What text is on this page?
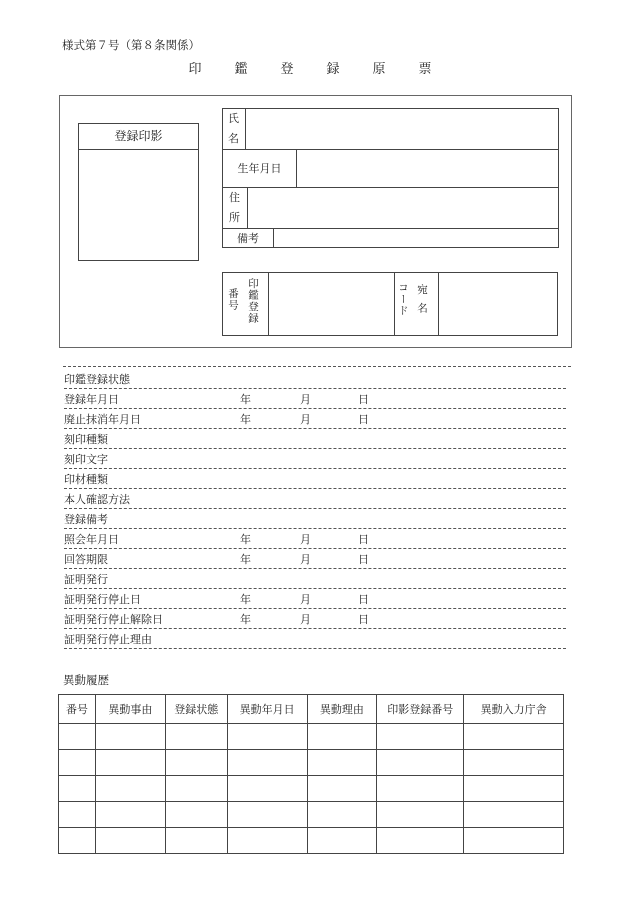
様式第７号（第８条関係）
印　鑑　登　録　原　票
登録印影
氏
名
生年月日
住
所
備考
番号 印鑑登録	宛名
コード
印鑑登録状態
登録年月日	年	月	日
廃止抹消年月日	年	月	日
刻印種類
刻印文字
印材種類
本人確認方法
登録備考
照会年月日	年	月	日
回答期限	年	月	日
証明発行
証明発行停止日	年	月	日
証明発行停止解除日	年	月	日
証明発行停止理由
異動履歴
番号	異動事由	登録状態	異動年月日	異動理由	印影登録番号	異動入力庁舎
